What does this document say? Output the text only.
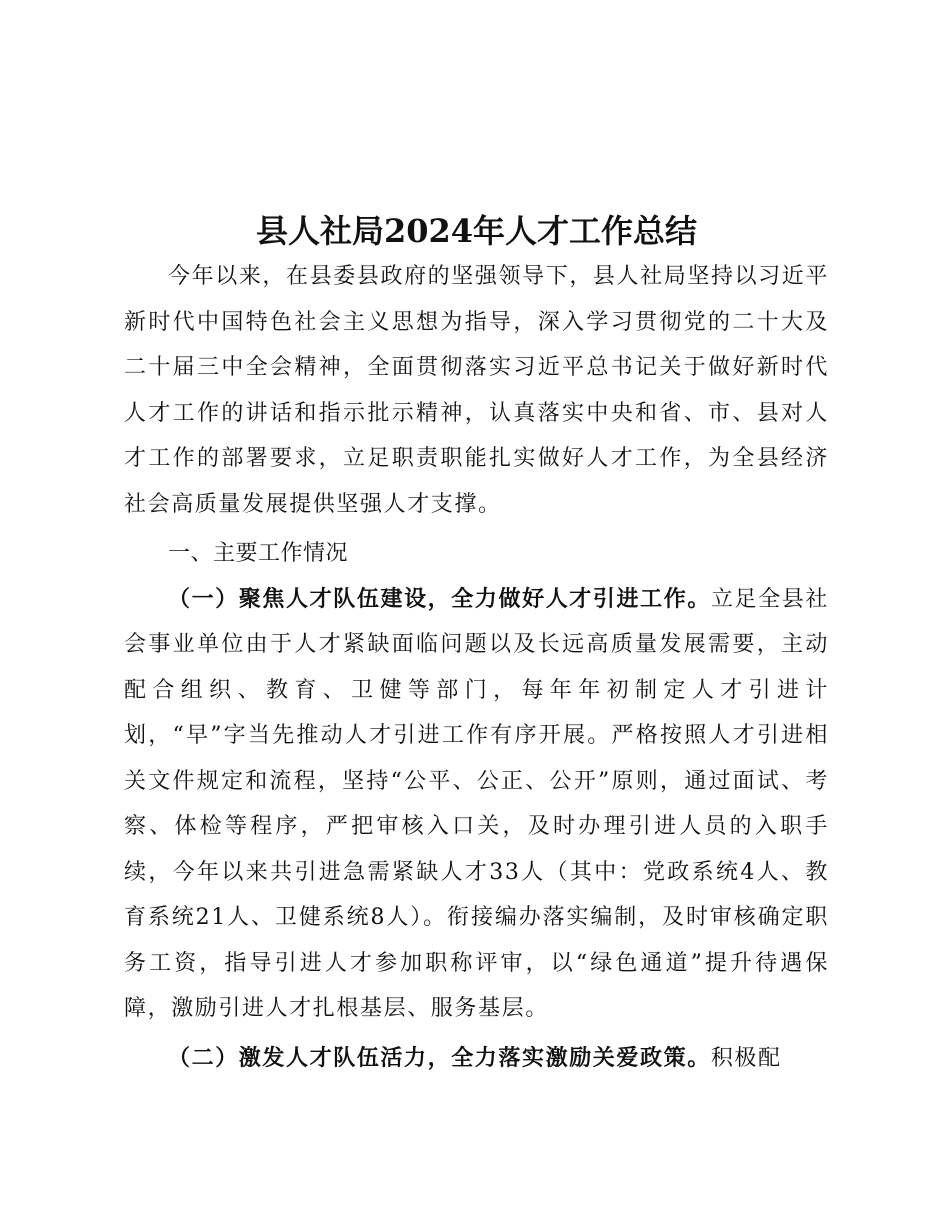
县人社局2024年人才工作总结

今年以来，在县委县政府的坚强领导下，县人社局坚持以习近平新时代中国特色社会主义思想为指导，深入学习贯彻党的二十大及二十届三中全会精神，全面贯彻落实习近平总书记关于做好新时代人才工作的讲话和指示批示精神，认真落实中央和省、市、县对人才工作的部署要求，立足职责职能扎实做好人才工作，为全县经济社会高质量发展提供坚强人才支撑。

一、主要工作情况

（一）聚焦人才队伍建设，全力做好人才引进工作。立足全县社会事业单位由于人才紧缺面临问题以及长远高质量发展需要，主动配合组织、教育、卫健等部门，每年年初制定人才引进计划，“早”字当先推动人才引进工作有序开展。严格按照人才引进相关文件规定和流程，坚持“公平、公正、公开”原则，通过面试、考察、体检等程序，严把审核入口关，及时办理引进人员的入职手续，今年以来共引进急需紧缺人才33人（其中：党政系统4人、教育系统21人、卫健系统8人）。衔接编办落实编制，及时审核确定职务工资，指导引进人才参加职称评审，以“绿色通道”提升待遇保障，激励引进人才扎根基层、服务基层。

（二）激发人才队伍活力，全力落实激励关爱政策。积极配
